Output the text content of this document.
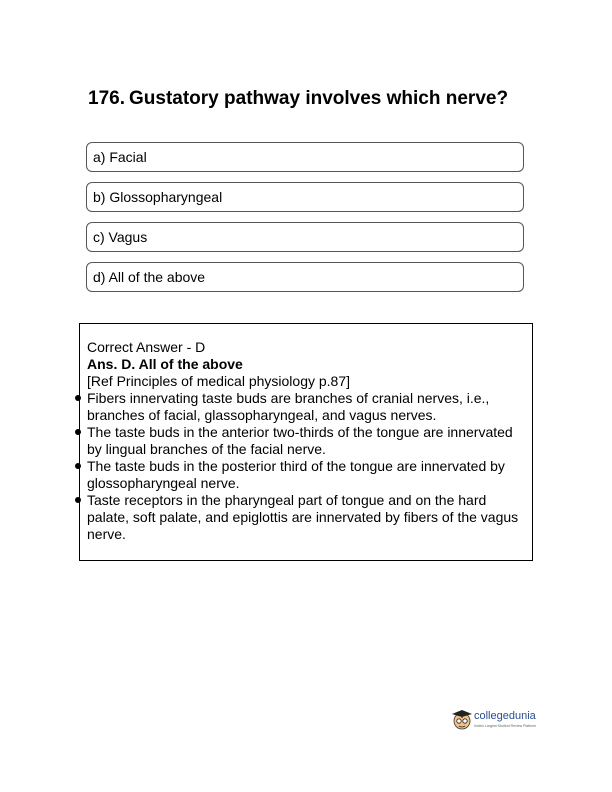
176. Gustatory pathway involves which nerve?
a) Facial
b) Glossopharyngeal
c) Vagus
d) All of the above

Correct Answer - D

Ans. D. All of the above

[Ref Principles of medical physiology p.87]

Fibers innervating taste buds are branches of cranial nerves, i.e., branches of facial, glassopharyngeal, and vagus nerves.
The taste buds in the anterior two-thirds of the tongue are innervated by lingual branches of the facial nerve.
The taste buds in the posterior third of the tongue are innervated by glossopharyngeal nerve.
Taste receptors in the pharyngeal part of tongue and on the hard palate, soft palate, and epiglottis are innervated by fibers of the vagus nerve.
collegedunia
India's Largest Student Review Platform
